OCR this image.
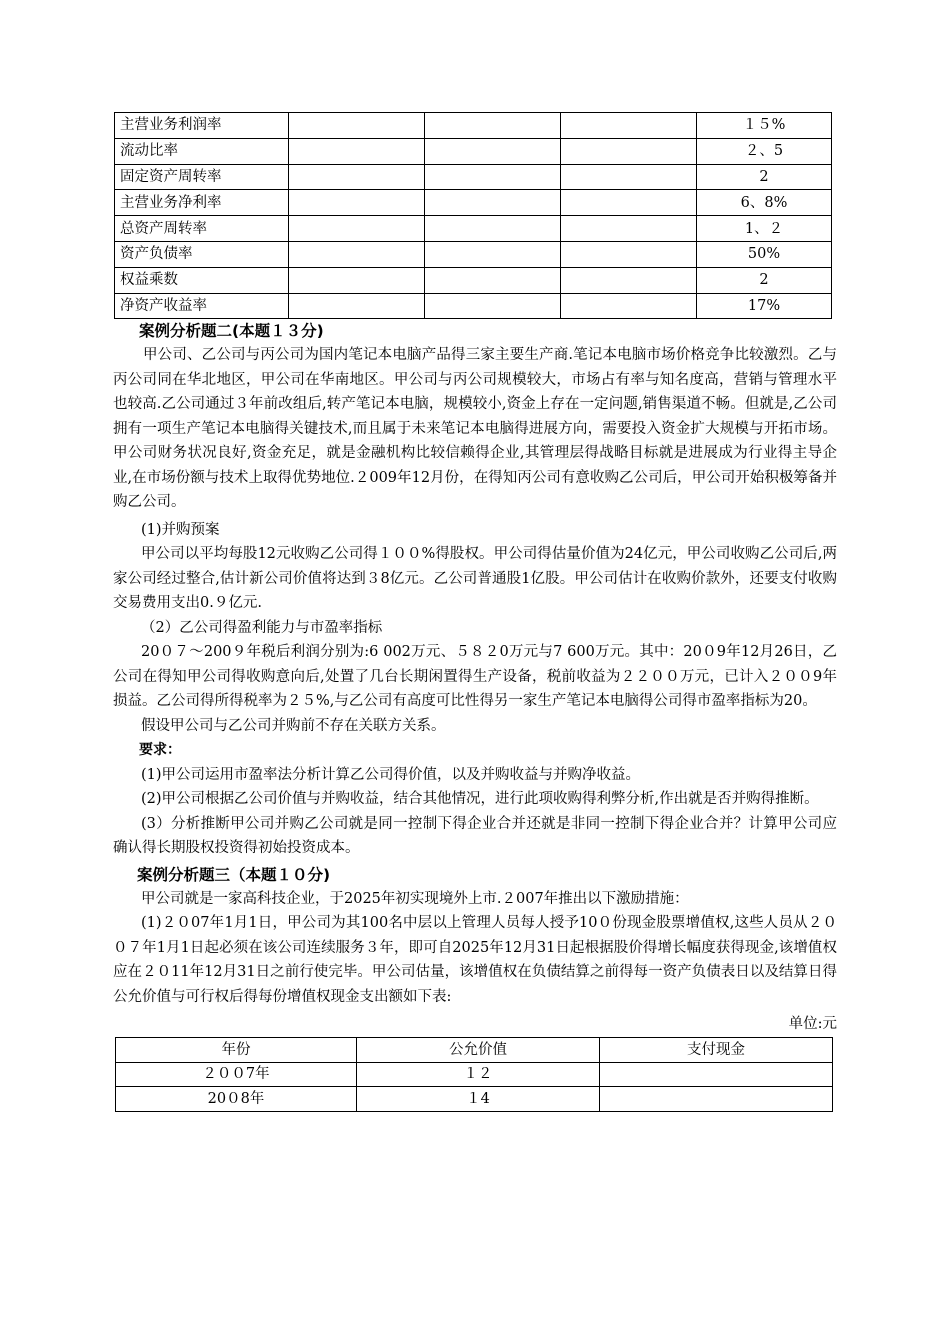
主营业务利润率				１５%
流动比率				２、5
固定资产周转率				2
主营业务净利率				6、8%
总资产周转率				1、２
资产负债率				50%
权益乘数				2
净资产收益率				17%
案例分析题二(本题１３分)

甲公司、乙公司与丙公司为国内笔记本电脑产品得三家主要生产商.笔记本电脑市场价格竞争比较激烈。乙与丙公司同在华北地区，甲公司在华南地区。甲公司与丙公司规模较大，市场占有率与知名度高，营销与管理水平也较高.乙公司通过３年前改组后,转产笔记本电脑，规模较小,资金上存在一定问题,销售渠道不畅。但就是,乙公司拥有一项生产笔记本电脑得关键技术,而且属于未来笔记本电脑得进展方向，需要投入资金扩大规模与开拓市场。甲公司财务状况良好,资金充足，就是金融机构比较信赖得企业,其管理层得战略目标就是进展成为行业得主导企业,在市场份额与技术上取得优势地位.２009年12月份，在得知丙公司有意收购乙公司后，甲公司开始积极筹备并购乙公司。

(1)并购预案

甲公司以平均每股12元收购乙公司得１００%得股权。甲公司得估量价值为24亿元，甲公司收购乙公司后,两家公司经过整合,估计新公司价值将达到３8亿元。乙公司普通股1亿股。甲公司估计在收购价款外，还要支付收购交易费用支出0.９亿元.

（2）乙公司得盈利能力与市盈率指标

20０７～200９年税后利润分别为:6 002万元、５８２0万元与7 600万元。其中：20０9年12月26日，乙公司在得知甲公司得收购意向后,处置了几台长期闲置得生产设备，税前收益为２２００万元，已计入２００9年损益。乙公司得所得税率为２５%,与乙公司有高度可比性得另一家生产笔记本电脑得公司得市盈率指标为20。

假设甲公司与乙公司并购前不存在关联方关系。

要求：

(1)甲公司运用市盈率法分析计算乙公司得价值，以及并购收益与并购净收益。

(2)甲公司根据乙公司价值与并购收益，结合其他情况，进行此项收购得利弊分析,作出就是否并购得推断。

(3）分析推断甲公司并购乙公司就是同一控制下得企业合并还就是非同一控制下得企业合并？计算甲公司应确认得长期股权投资得初始投资成本。

案例分析题三（本题１０分)

甲公司就是一家高科技企业，于2025年初实现境外上市.２007年推出以下激励措施：

(1)２０07年1月1日，甲公司为其100名中层以上管理人员每人授予10０份现金股票增值权,这些人员从２００７年1月1日起必须在该公司连续服务３年，即可自2025年12月31日起根据股价得增长幅度获得现金,该增值权应在２０11年12月31日之前行使完毕。甲公司估量，该增值权在负债结算之前得每一资产负债表日以及结算日得公允价值与可行权后得每份增值权现金支出额如下表:

单位:元
年份	公允价值	支付现金
２００7年	１２	
20０8年	１4	
